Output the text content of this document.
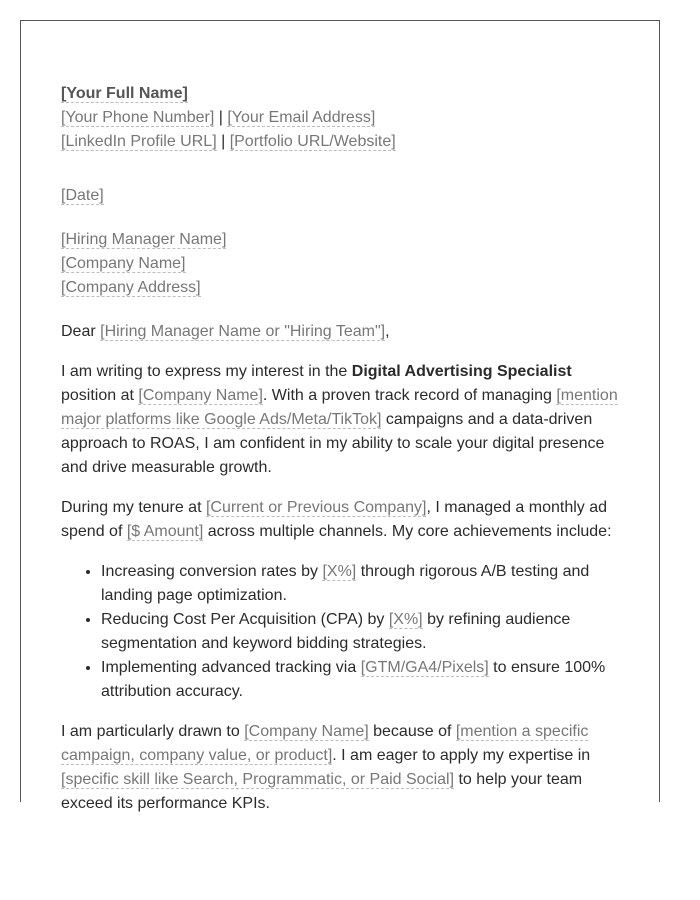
[Your Full Name]
[Your Phone Number] | [Your Email Address]
[LinkedIn Profile URL] | [Portfolio URL/Website]
[Date]
[Hiring Manager Name]
[Company Name]
[Company Address]

Dear [Hiring Manager Name or "Hiring Team"],

I am writing to express my interest in the Digital Advertising Specialist position at [Company Name]. With a proven track record of managing [mention major platforms like Google Ads/Meta/TikTok] campaigns and a data-driven approach to ROAS, I am confident in my ability to scale your digital presence and drive measurable growth.

During my tenure at [Current or Previous Company], I managed a monthly ad spend of [$ Amount] across multiple channels. My core achievements include:

• Increasing conversion rates by [X%] through rigorous A/B testing and landing page optimization.
• Reducing Cost Per Acquisition (CPA) by [X%] by refining audience segmentation and keyword bidding strategies.
• Implementing advanced tracking via [GTM/GA4/Pixels] to ensure 100% attribution accuracy.

I am particularly drawn to [Company Name] because of [mention a specific campaign, company value, or product]. I am eager to apply my expertise in [specific skill like Search, Programmatic, or Paid Social] to help your team exceed its performance KPIs.
